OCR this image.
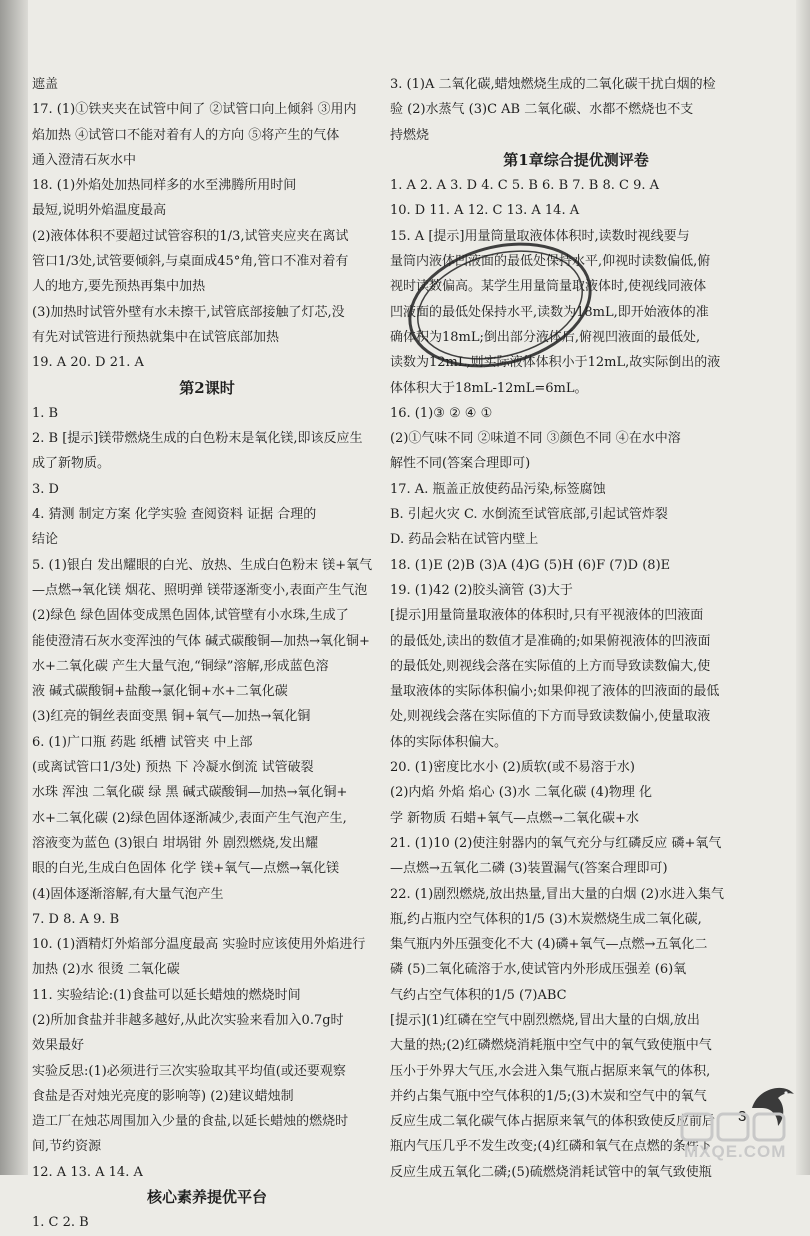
遮盖
17. (1)①铁夹夹在试管中间了 ②试管口向上倾斜 ③用内
焰加热 ④试管口不能对着有人的方向 ⑤将产生的气体
通入澄清石灰水中
18. (1)外焰处加热同样多的水至沸腾所用时间
最短,说明外焰温度最高
(2)液体体积不要超过试管容积的1/3,试管夹应夹在离试
管口1/3处,试管要倾斜,与桌面成45°角,管口不准对着有
人的地方,要先预热再集中加热
(3)加热时试管外壁有水未擦干,试管底部接触了灯芯,没
有先对试管进行预热就集中在试管底部加热
19. A 20. D 21. A
第2课时
1. B
2. B [提示]镁带燃烧生成的白色粉末是氧化镁,即该反应生
成了新物质。
3. D
4. 猜测 制定方案 化学实验 查阅资料 证据 合理的
结论
5. (1)银白 发出耀眼的白光、放热、生成白色粉末 镁+氧气
—点燃→氧化镁 烟花、照明弹 镁带逐渐变小,表面产生气泡
(2)绿色 绿色固体变成黑色固体,试管壁有小水珠,生成了
能使澄清石灰水变浑浊的气体 碱式碳酸铜—加热→氧化铜+
水+二氧化碳 产生大量气泡,“铜绿”溶解,形成蓝色溶
液 碱式碳酸铜+盐酸→氯化铜+水+二氧化碳
(3)红亮的铜丝表面变黑 铜+氧气—加热→氧化铜
6. (1)广口瓶 药匙 纸槽 试管夹 中上部
(或离试管口1/3处) 预热 下 冷凝水倒流 试管破裂
水珠 浑浊 二氧化碳 绿 黑 碱式碳酸铜—加热→氧化铜+
水+二氧化碳 (2)绿色固体逐渐减少,表面产生气泡产生,
溶液变为蓝色 (3)银白 坩埚钳 外 剧烈燃烧,发出耀
眼的白光,生成白色固体 化学 镁+氧气—点燃→氧化镁
(4)固体逐渐溶解,有大量气泡产生
7. D 8. A 9. B
10. (1)酒精灯外焰部分温度最高 实验时应该使用外焰进行
加热 (2)水 很烫 二氧化碳
11. 实验结论:(1)食盐可以延长蜡烛的燃烧时间
(2)所加食盐并非越多越好,从此次实验来看加入0.7g时
效果最好
实验反思:(1)必须进行三次实验取其平均值(或还要观察
食盐是否对烛光亮度的影响等) (2)建议蜡烛制
造工厂在烛芯周围加入少量的食盐,以延长蜡烛的燃烧时
间,节约资源
12. A 13. A 14. A
核心素养提优平台
1. C 2. B
3. (1)A 二氧化碳,蜡烛燃烧生成的二氧化碳干扰白烟的检
验 (2)水蒸气 (3)C AB 二氧化碳、水都不燃烧也不支
持燃烧
第1章综合提优测评卷
1. A 2. A 3. D 4. C 5. B 6. B 7. B 8. C 9. A
10. D 11. A 12. C 13. A 14. A
15. A [提示]用量筒量取液体体积时,读数时视线要与
量筒内液体凹液面的最低处保持水平,仰视时读数偏低,俯
视时读数偏高。某学生用量筒量取液体时,使视线同液体
凹液面的最低处保持水平,读数为18mL,即开始液体的准
确体积为18mL;倒出部分液体后,俯视凹液面的最低处,
读数为12mL,则实际液体体积小于12mL,故实际倒出的液
体体积大于18mL-12mL=6mL。
16. (1)③ ② ④ ①
(2)①气味不同 ②味道不同 ③颜色不同 ④在水中溶
解性不同(答案合理即可)
17. A. 瓶盖正放使药品污染,标签腐蚀
B. 引起火灾 C. 水倒流至试管底部,引起试管炸裂
D. 药品会粘在试管内壁上
18. (1)E (2)B (3)A (4)G (5)H (6)F (7)D (8)E
19. (1)42 (2)胶头滴管 (3)大于
[提示]用量筒量取液体的体积时,只有平视液体的凹液面
的最低处,读出的数值才是准确的;如果俯视液体的凹液面
的最低处,则视线会落在实际值的上方而导致读数偏大,使
量取液体的实际体积偏小;如果仰视了液体的凹液面的最低
处,则视线会落在实际值的下方而导致读数偏小,使量取液
体的实际体积偏大。
20. (1)密度比水小 (2)质软(或不易溶于水)
(2)内焰 外焰 焰心 (3)水 二氧化碳 (4)物理 化
学 新物质 石蜡+氧气—点燃→二氧化碳+水
21. (1)10 (2)使注射器内的氧气充分与红磷反应 磷+氧气
—点燃→五氧化二磷 (3)装置漏气(答案合理即可)
22. (1)剧烈燃烧,放出热量,冒出大量的白烟 (2)水进入集气
瓶,约占瓶内空气体积的1/5 (3)木炭燃烧生成二氧化碳,
集气瓶内外压强变化不大 (4)磷+氧气—点燃→五氧化二
磷 (5)二氧化硫溶于水,使试管内外形成压强差 (6)氧
气约占空气体积的1/5 (7)ABC
[提示](1)红磷在空气中剧烈燃烧,冒出大量的白烟,放出
大量的热;(2)红磷燃烧消耗瓶中空气中的氧气致使瓶中气
压小于外界大气压,水会进入集气瓶占据原来氧气的体积,
并约占集气瓶中空气体积的1/5;(3)木炭和空气中的氧气
反应生成二氧化碳气体占据原来氧气的体积致使反应前后
瓶内气压几乎不发生改变;(4)红磷和氧气在点燃的条件下
反应生成五氧化二磷;(5)硫燃烧消耗试管中的氧气致使瓶
3
MXQE.COM
